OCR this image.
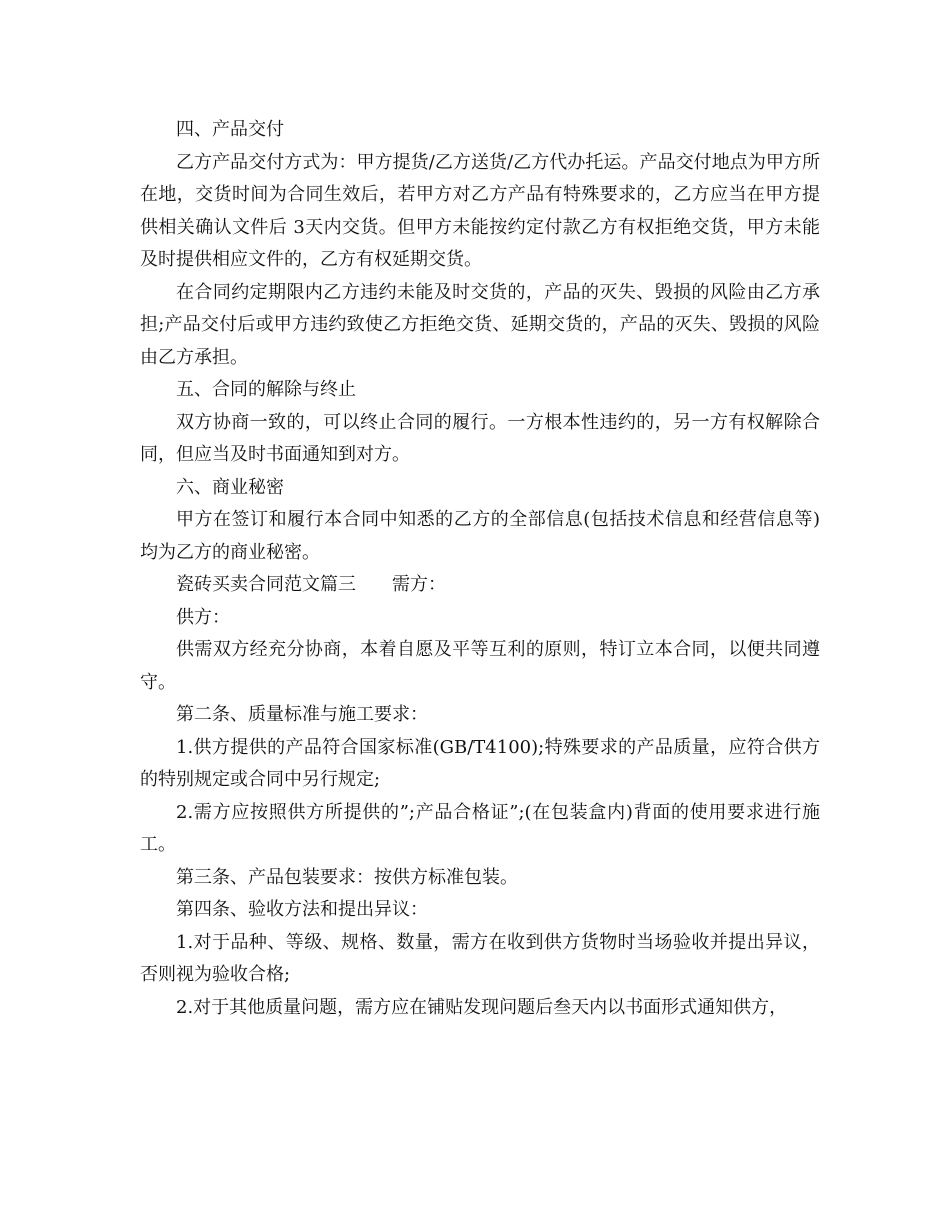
四、产品交付

乙方产品交付方式为：甲方提货/乙方送货/乙方代办托运。产品交付地点为甲方所在地，交货时间为合同生效后，若甲方对乙方产品有特殊要求的，乙方应当在甲方提供相关确认文件后 3天内交货。但甲方未能按约定付款乙方有权拒绝交货，甲方未能及时提供相应文件的，乙方有权延期交货。

在合同约定期限内乙方违约未能及时交货的，产品的灭失、毁损的风险由乙方承担;产品交付后或甲方违约致使乙方拒绝交货、延期交货的，产品的灭失、毁损的风险由乙方承担。

五、合同的解除与终止

双方协商一致的，可以终止合同的履行。一方根本性违约的，另一方有权解除合同，但应当及时书面通知到对方。

六、商业秘密

甲方在签订和履行本合同中知悉的乙方的全部信息(包括技术信息和经营信息等)均为乙方的商业秘密。

瓷砖买卖合同范文篇三　　需方：

供方：

供需双方经充分协商，本着自愿及平等互利的原则，特订立本合同，以便共同遵守。

第二条、质量标准与施工要求：

1.供方提供的产品符合国家标准(GB/T4100);特殊要求的产品质量，应符合供方的特别规定或合同中另行规定;

2.需方应按照供方所提供的”;产品合格证”;(在包装盒内)背面的使用要求进行施工。

第三条、产品包装要求：按供方标准包装。

第四条、验收方法和提出异议：

1.对于品种、等级、规格、数量，需方在收到供方货物时当场验收并提出异议，否则视为验收合格;

2.对于其他质量问题，需方应在铺贴发现问题后叁天内以书面形式通知供方，
